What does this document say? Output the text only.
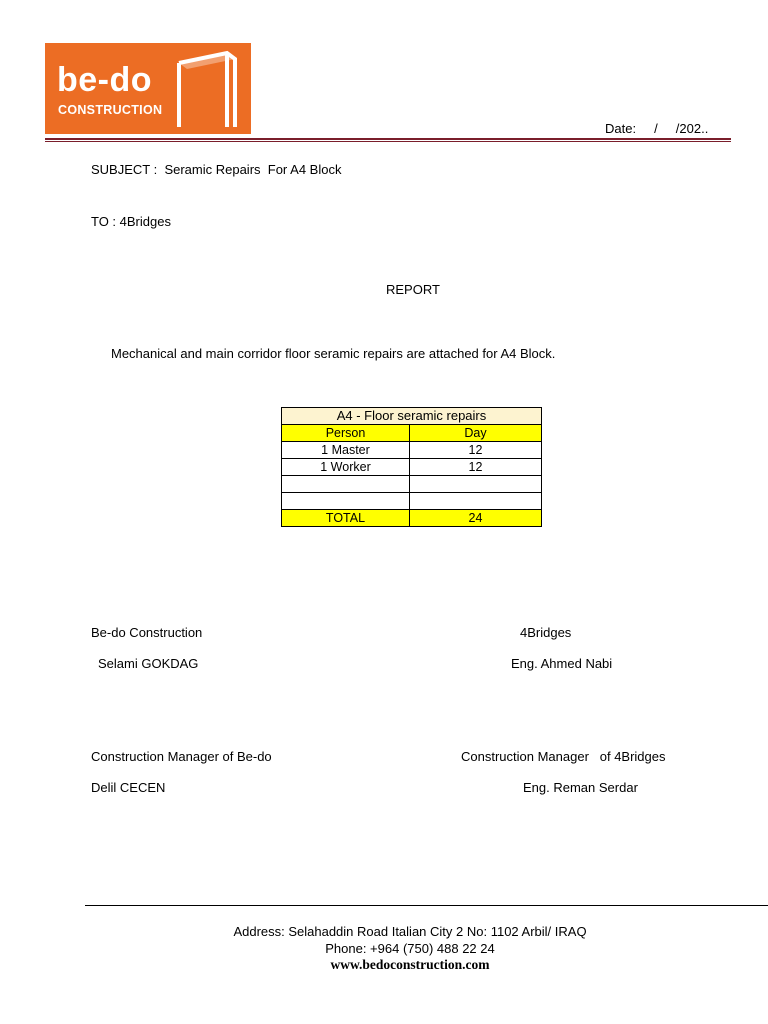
be-do
CONSTRUCTION
Date:     /     /202..
SUBJECT :  Seramic Repairs  For A4 Block
TO : 4Bridges
REPORT
Mechanical and main corridor floor seramic repairs are attached for A4 Block.
A4 - Floor seramic repairs	
Person	Day
1 Master	12
1 Worker	12

TOTAL	24
Be-do Construction	4Bridges
Selami GOKDAG	Eng. Ahmed Nabi
Construction Manager of Be-do	Construction Manager   of 4Bridges
Delil CECEN	Eng. Reman Serdar
Address: Selahaddin Road Italian City 2 No: 1102 Arbil/ IRAQ
Phone: +964 (750) 488 22 24
www.bedoconstruction.com
